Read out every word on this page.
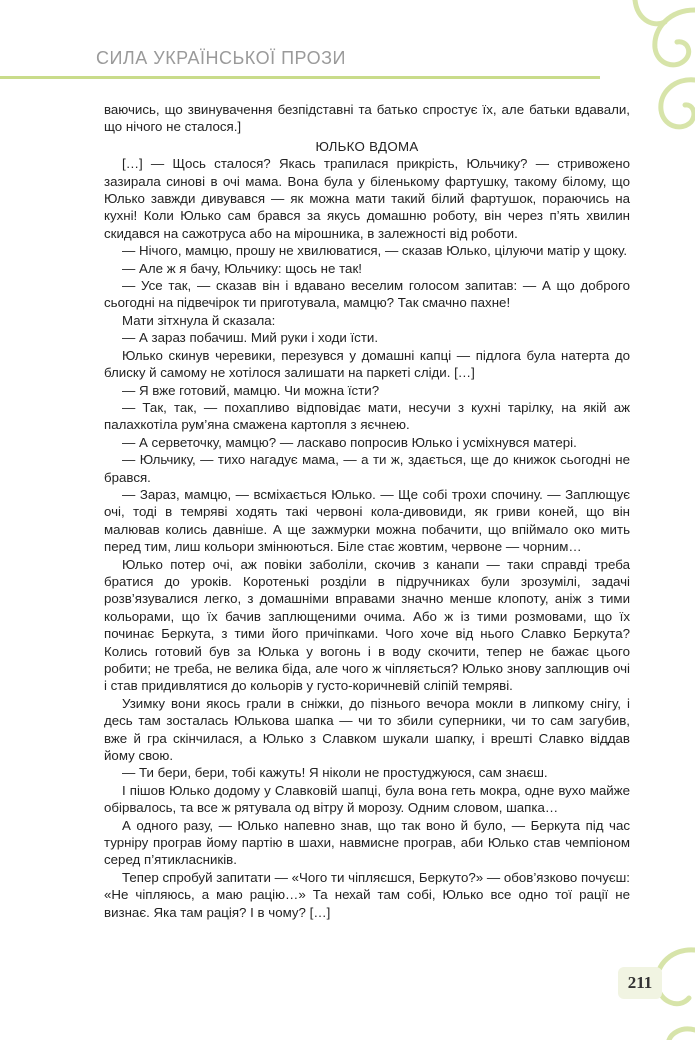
СИЛА УКРАЇНСЬКОЇ ПРОЗИ

ваючись, що звинувачення безпідставні та батько спростує їх, але батьки вдавали, що нічого не сталося.]

ЮЛЬКО ВДОМА

[…] — Щось сталося? Якась трапилася прикрість, Юльчику? — стривожено зазирала синові в очі мама. Вона була у біленькому фартушку, такому білому, що Юлько завжди дивувався — як можна мати такий білий фартушок, пораючись на кухні! Коли Юлько сам брався за якусь домашню роботу, він через п’ять хвилин скидався на сажотруса або на мірошника, в залежності від роботи.

— Нічого, мамцю, прошу не хвилюватися, — сказав Юлько, цілуючи матір у щоку.

— Але ж я бачу, Юльчику: щось не так!

— Усе так, — сказав він і вдавано веселим голосом запитав: — А що доброго сьогодні на підвечірок ти приготувала, мамцю? Так смачно пахне!

Мати зітхнула й сказала:

— А зараз побачиш. Мий руки і ходи їсти.

Юлько скинув черевики, перезувся у домашні капці — підлога була натерта до блиску й самому не хотілося залишати на паркеті сліди. […]

— Я вже готовий, мамцю. Чи можна їсти?

— Так, так, — похапливо відповідає мати, несучи з кухні тарілку, на якій аж палахкотіла рум’яна смажена картопля з яєчнею.

— А серветочку, мамцю? — ласкаво попросив Юлько і усміхнувся матері.

— Юльчику, — тихо нагадує мама, — а ти ж, здається, ще до книжок сьогодні не брався.

— Зараз, мамцю, — всміхається Юлько. — Ще собі трохи спочину. — Заплющує очі, тоді в темряві ходять такі червоні кола-дивовиди, як гриви коней, що він малював колись давніше. А ще зажмурки можна побачити, що впіймало око мить перед тим, лиш кольори змінюються. Біле стає жовтим, червоне — чорним…

Юлько потер очі, аж повіки заболіли, скочив з канапи — таки справді треба братися до уроків. Коротенькі розділи в підручниках були зрозумілі, задачі розв’язувалися легко, з домашніми вправами значно менше клопоту, аніж з тими кольорами, що їх бачив заплющеними очима. Або ж із тими розмовами, що їх починає Беркута, з тими його причіпками. Чого хоче від нього Славко Беркута? Колись готовий був за Юлька у вогонь і в воду скочити, тепер не бажає цього робити; не треба, не велика біда, але чого ж чіпляється? Юлько знову заплющив очі і став придивлятися до кольорів у густо-коричневій сліпій темряві.

Узимку вони якось грали в сніжки, до пізнього вечора мокли в липкому снігу, і десь там зосталась Юлькова шапка — чи то збили суперники, чи то сам загубив, вже й гра скінчилася, а Юлько з Славком шукали шапку, і врешті Славко віддав йому свою.

— Ти бери, бери, тобі кажуть! Я ніколи не простуджуюся, сам знаєш.

І пішов Юлько додому у Славковій шапці, була вона геть мокра, одне вухо майже обірвалось, та все ж рятувала од вітру й морозу. Одним словом, шапка…

А одного разу, — Юлько напевно знав, що так воно й було, — Беркута під час турніру програв йому партію в шахи, навмисне програв, аби Юлько став чемпіоном серед п’ятикласників.

Тепер спробуй запитати — «Чого ти чіпляєшся, Беркуто?» — обов’язково почуєш: «Не чіпляюсь, а маю рацію…» Та нехай там собі, Юлько все одно тої рації не визнає. Яка там рація? І в чому? […]

211
